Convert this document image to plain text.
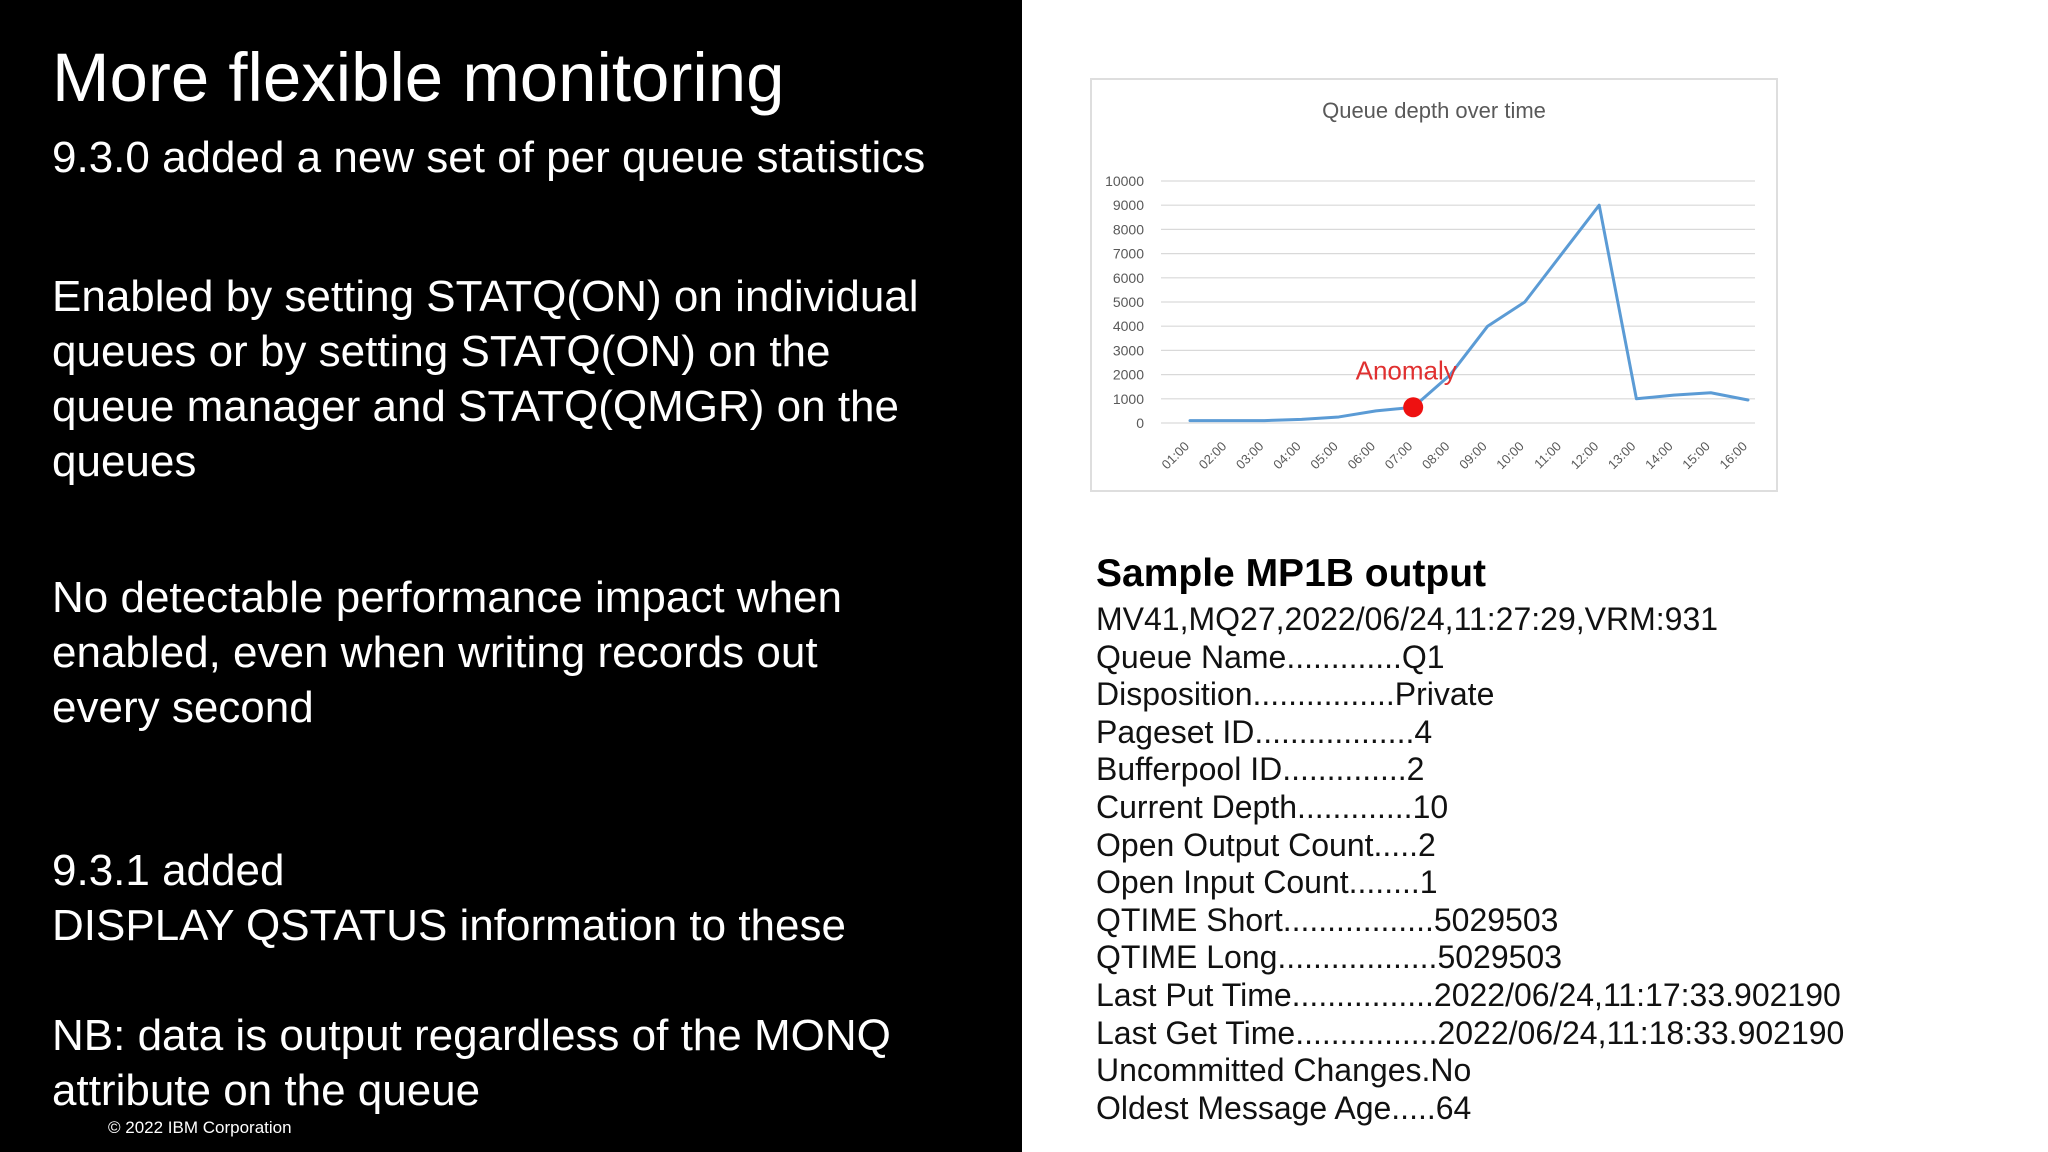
More flexible monitoring
9.3.0 added a new set of per queue statistics
Enabled by setting STATQ(ON) on individual
queues or by setting STATQ(ON) on the
queue manager and STATQ(QMGR) on the
queues
No detectable performance impact when
enabled, even when writing records out
every second
9.3.1 added
DISPLAY QSTATUS information to these
NB: data is output regardless of the MONQ
attribute on the queue
© 2022 IBM Corporation
Queue depth over time
0
1000
2000
3000
4000
5000
6000
7000
8000
9000
10000
01:00 02:00 03:00 04:00 05:00 06:00 07:00 08:00 09:00 10:00 11:00 12:00 13:00 14:00 15:00 16:00
Anomaly
Sample MP1B output
MV41,MQ27,2022/06/24,11:27:29,VRM:931
Queue Name.............Q1
Disposition................Private
Pageset ID..................4
Bufferpool ID..............2
Current Depth.............10
Open Output Count.....2
Open Input Count........1
QTIME Short.................5029503
QTIME Long..................5029503
Last Put Time................2022/06/24,11:17:33.902190
Last Get Time................2022/06/24,11:18:33.902190
Uncommitted Changes.No
Oldest Message Age.....64
